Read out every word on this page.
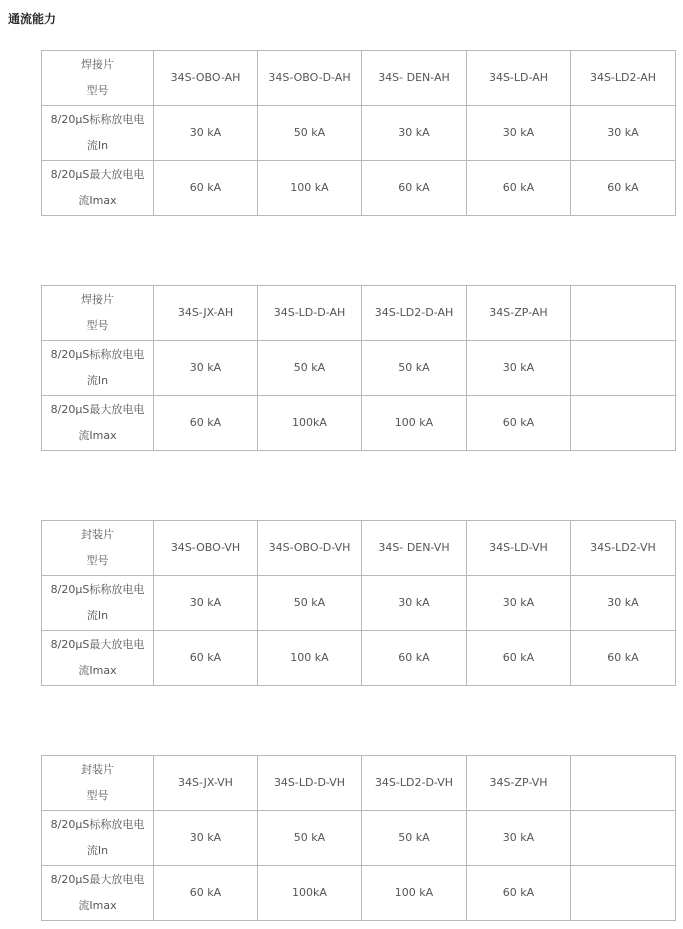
通流能力
焊接片
型号	34S-OBO-AH	34S-OBO-D-AH	34S- DEN-AH	34S-LD-AH	34S-LD2-AH

8/20µS标称放电电
流In	30 kA	50 kA	30 kA	30 kA	30 kA

8/20µS最大放电电
流Imax	60 kA	100 kA	60 kA	60 kA	60 kA
焊接片
型号	34S-JX-AH	34S-LD-D-AH	34S-LD2-D-AH	34S-ZP-AH	

8/20µS标称放电电
流In	30 kA	50 kA	50 kA	30 kA	

8/20µS最大放电电
流Imax	60 kA	100kA	100 kA	60 kA	
封装片
型号	34S-OBO-VH	34S-OBO-D-VH	34S- DEN-VH	34S-LD-VH	34S-LD2-VH

8/20µS标称放电电
流In	30 kA	50 kA	30 kA	30 kA	30 kA

8/20µS最大放电电
流Imax	60 kA	100 kA	60 kA	60 kA	60 kA
封装片
型号	34S-JX-VH	34S-LD-D-VH	34S-LD2-D-VH	34S-ZP-VH	

8/20µS标称放电电
流In	30 kA	50 kA	50 kA	30 kA	

8/20µS最大放电电
流Imax	60 kA	100kA	100 kA	60 kA	
